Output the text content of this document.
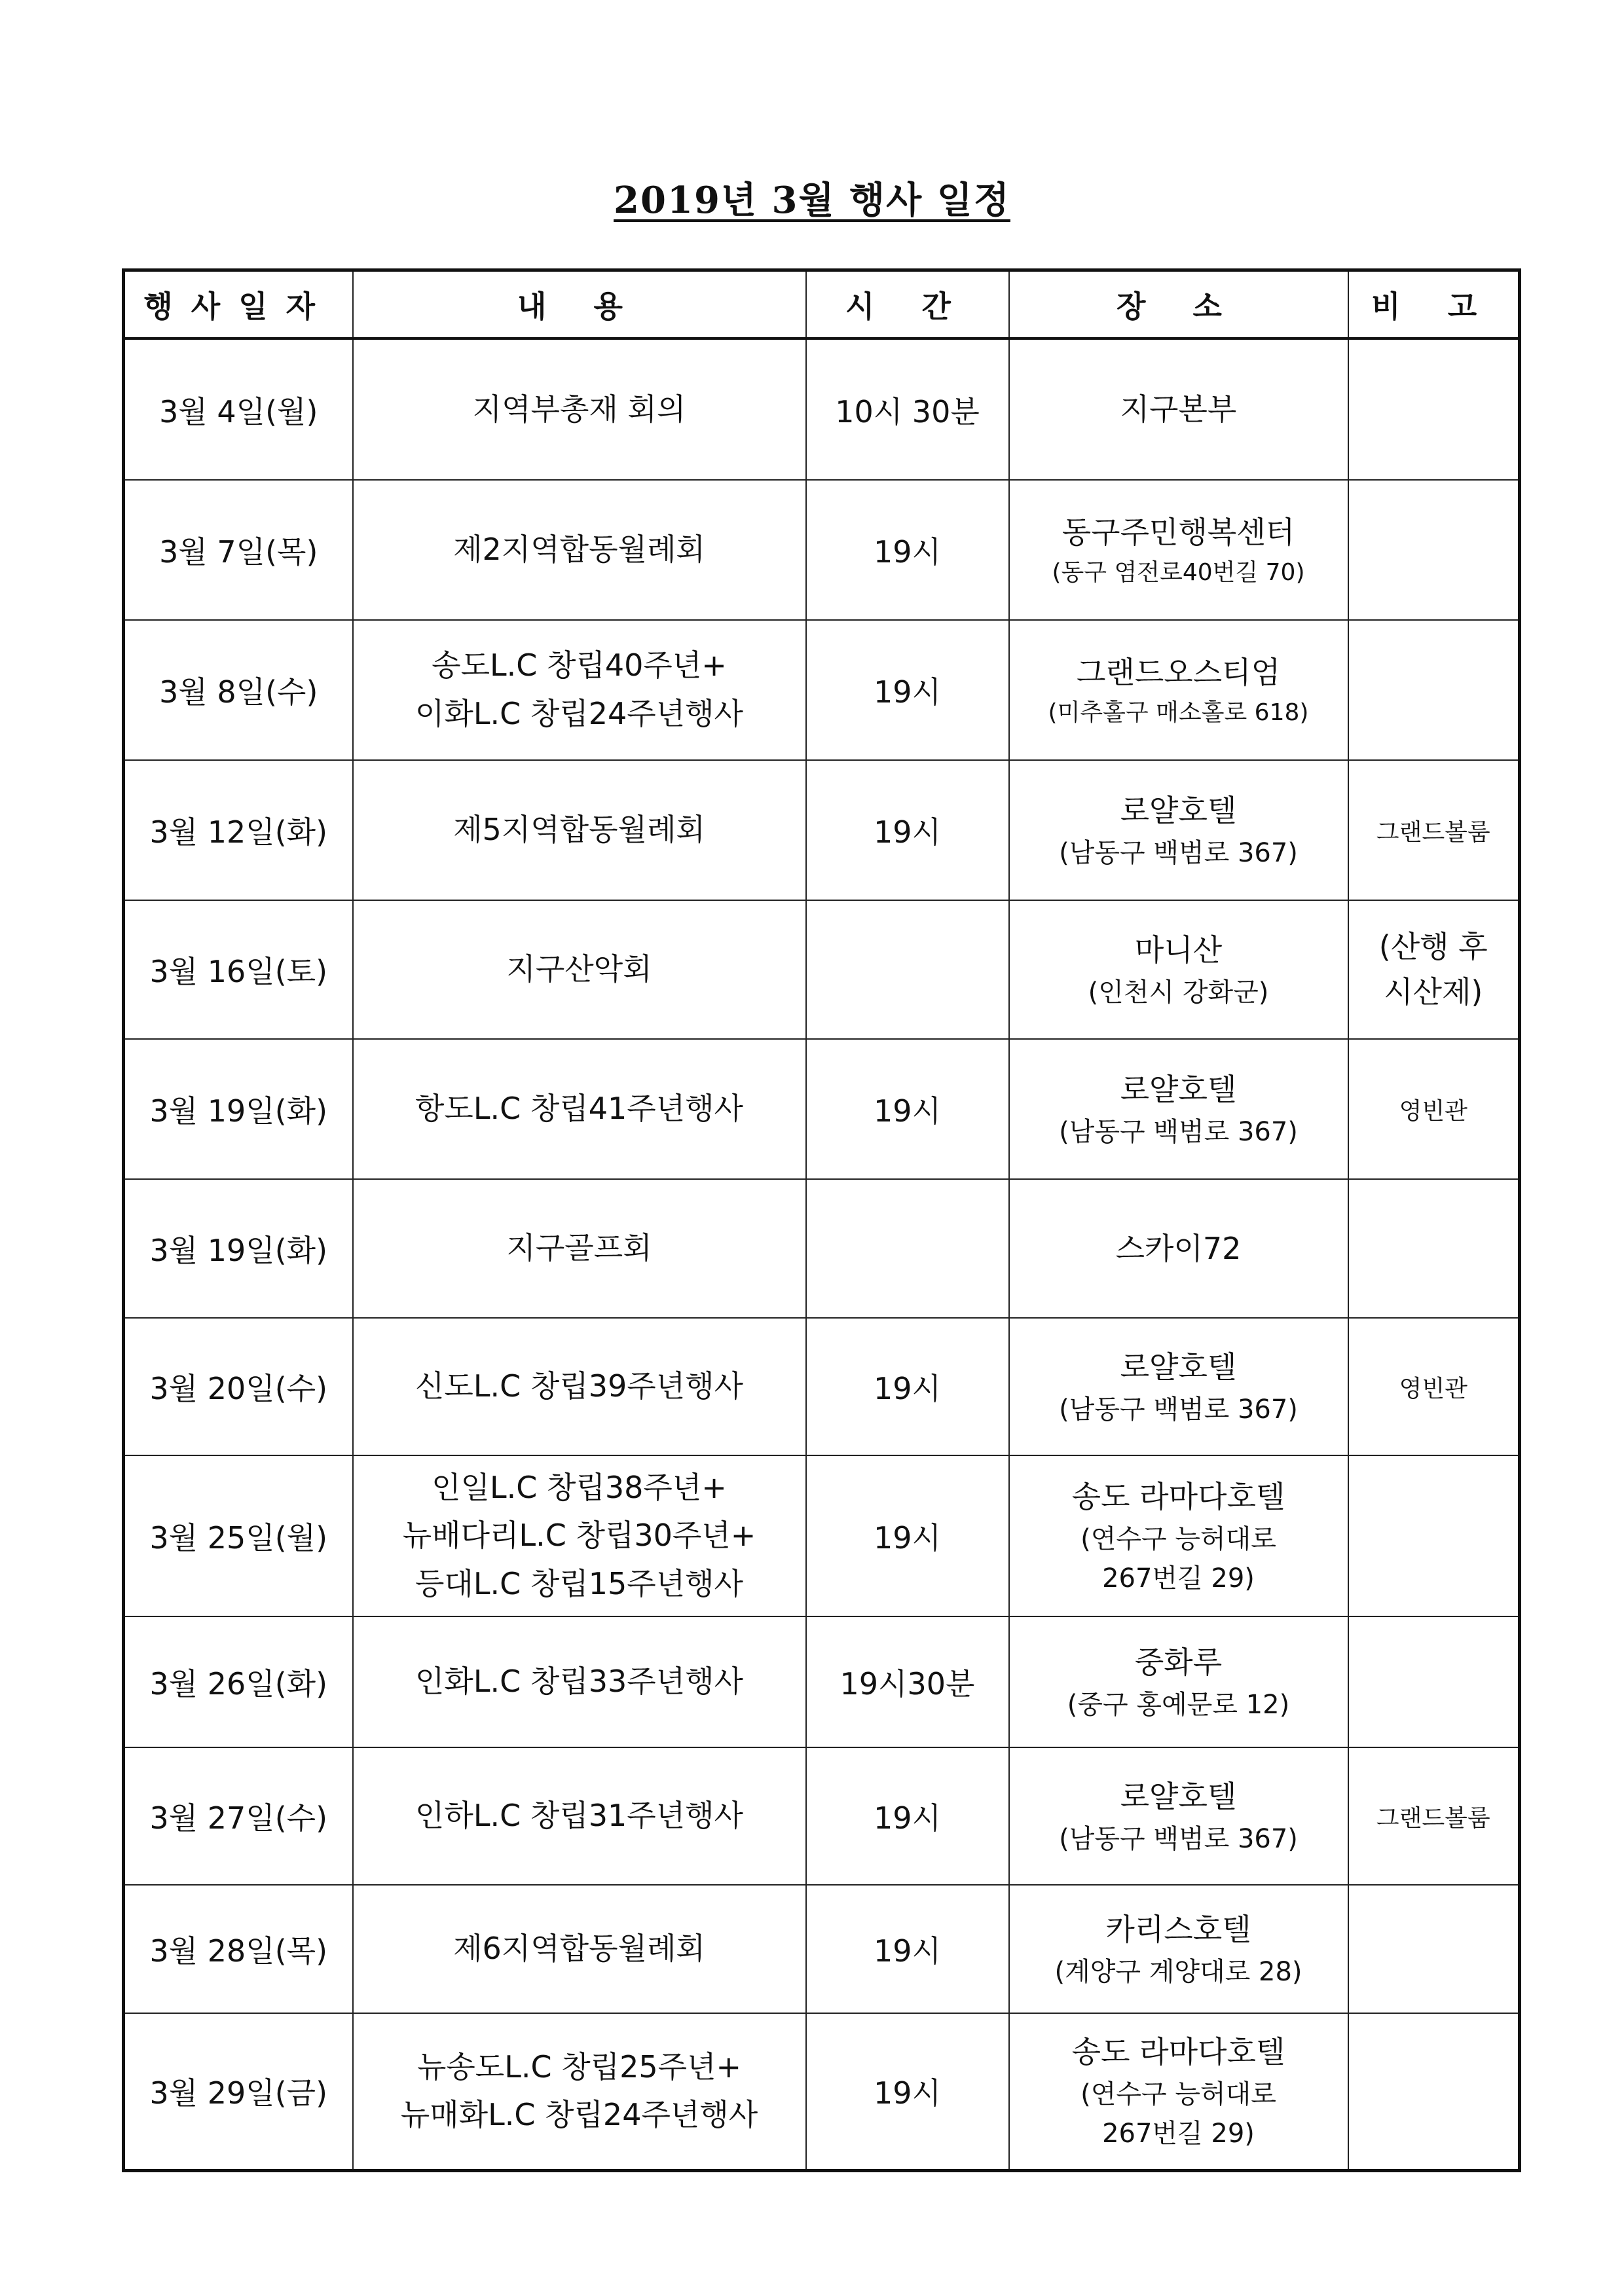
2019년 3월 행사 일정
행사일자	내 용	시 간	장 소	비 고

3월 4일(월)	지역부총재 회의	10시 30분	지구본부	

3월 7일(목)	제2지역합동월례회	19시	동구주민행복센터
(동구 염전로40번길 70)	

3월 8일(수)	송도L.C 창립40주년+
이화L.C 창립24주년행사	19시	그랜드오스티엄
(미추홀구 매소홀로 618)	

3월 12일(화)	제5지역합동월례회	19시	로얄호텔
(남동구 백범로 367)	그랜드볼룸

3월 16일(토)	지구산악회		마니산
(인천시 강화군)	(산행 후
시산제)

3월 19일(화)	항도L.C 창립41주년행사	19시	로얄호텔
(남동구 백범로 367)	영빈관

3월 19일(화)	지구골프회		스카이72	

3월 20일(수)	신도L.C 창립39주년행사	19시	로얄호텔
(남동구 백범로 367)	영빈관

3월 25일(월)	인일L.C 창립38주년+
뉴배다리L.C 창립30주년+
등대L.C 창립15주년행사	19시	송도 라마다호텔
(연수구 능허대로
267번길 29)	

3월 26일(화)	인화L.C 창립33주년행사	19시30분	중화루
(중구 홍예문로 12)	

3월 27일(수)	인하L.C 창립31주년행사	19시	로얄호텔
(남동구 백범로 367)	그랜드볼룸

3월 28일(목)	제6지역합동월례회	19시	카리스호텔
(계양구 계양대로 28)	

3월 29일(금)	뉴송도L.C 창립25주년+
뉴매화L.C 창립24주년행사	19시	송도 라마다호텔
(연수구 능허대로
267번길 29)	
